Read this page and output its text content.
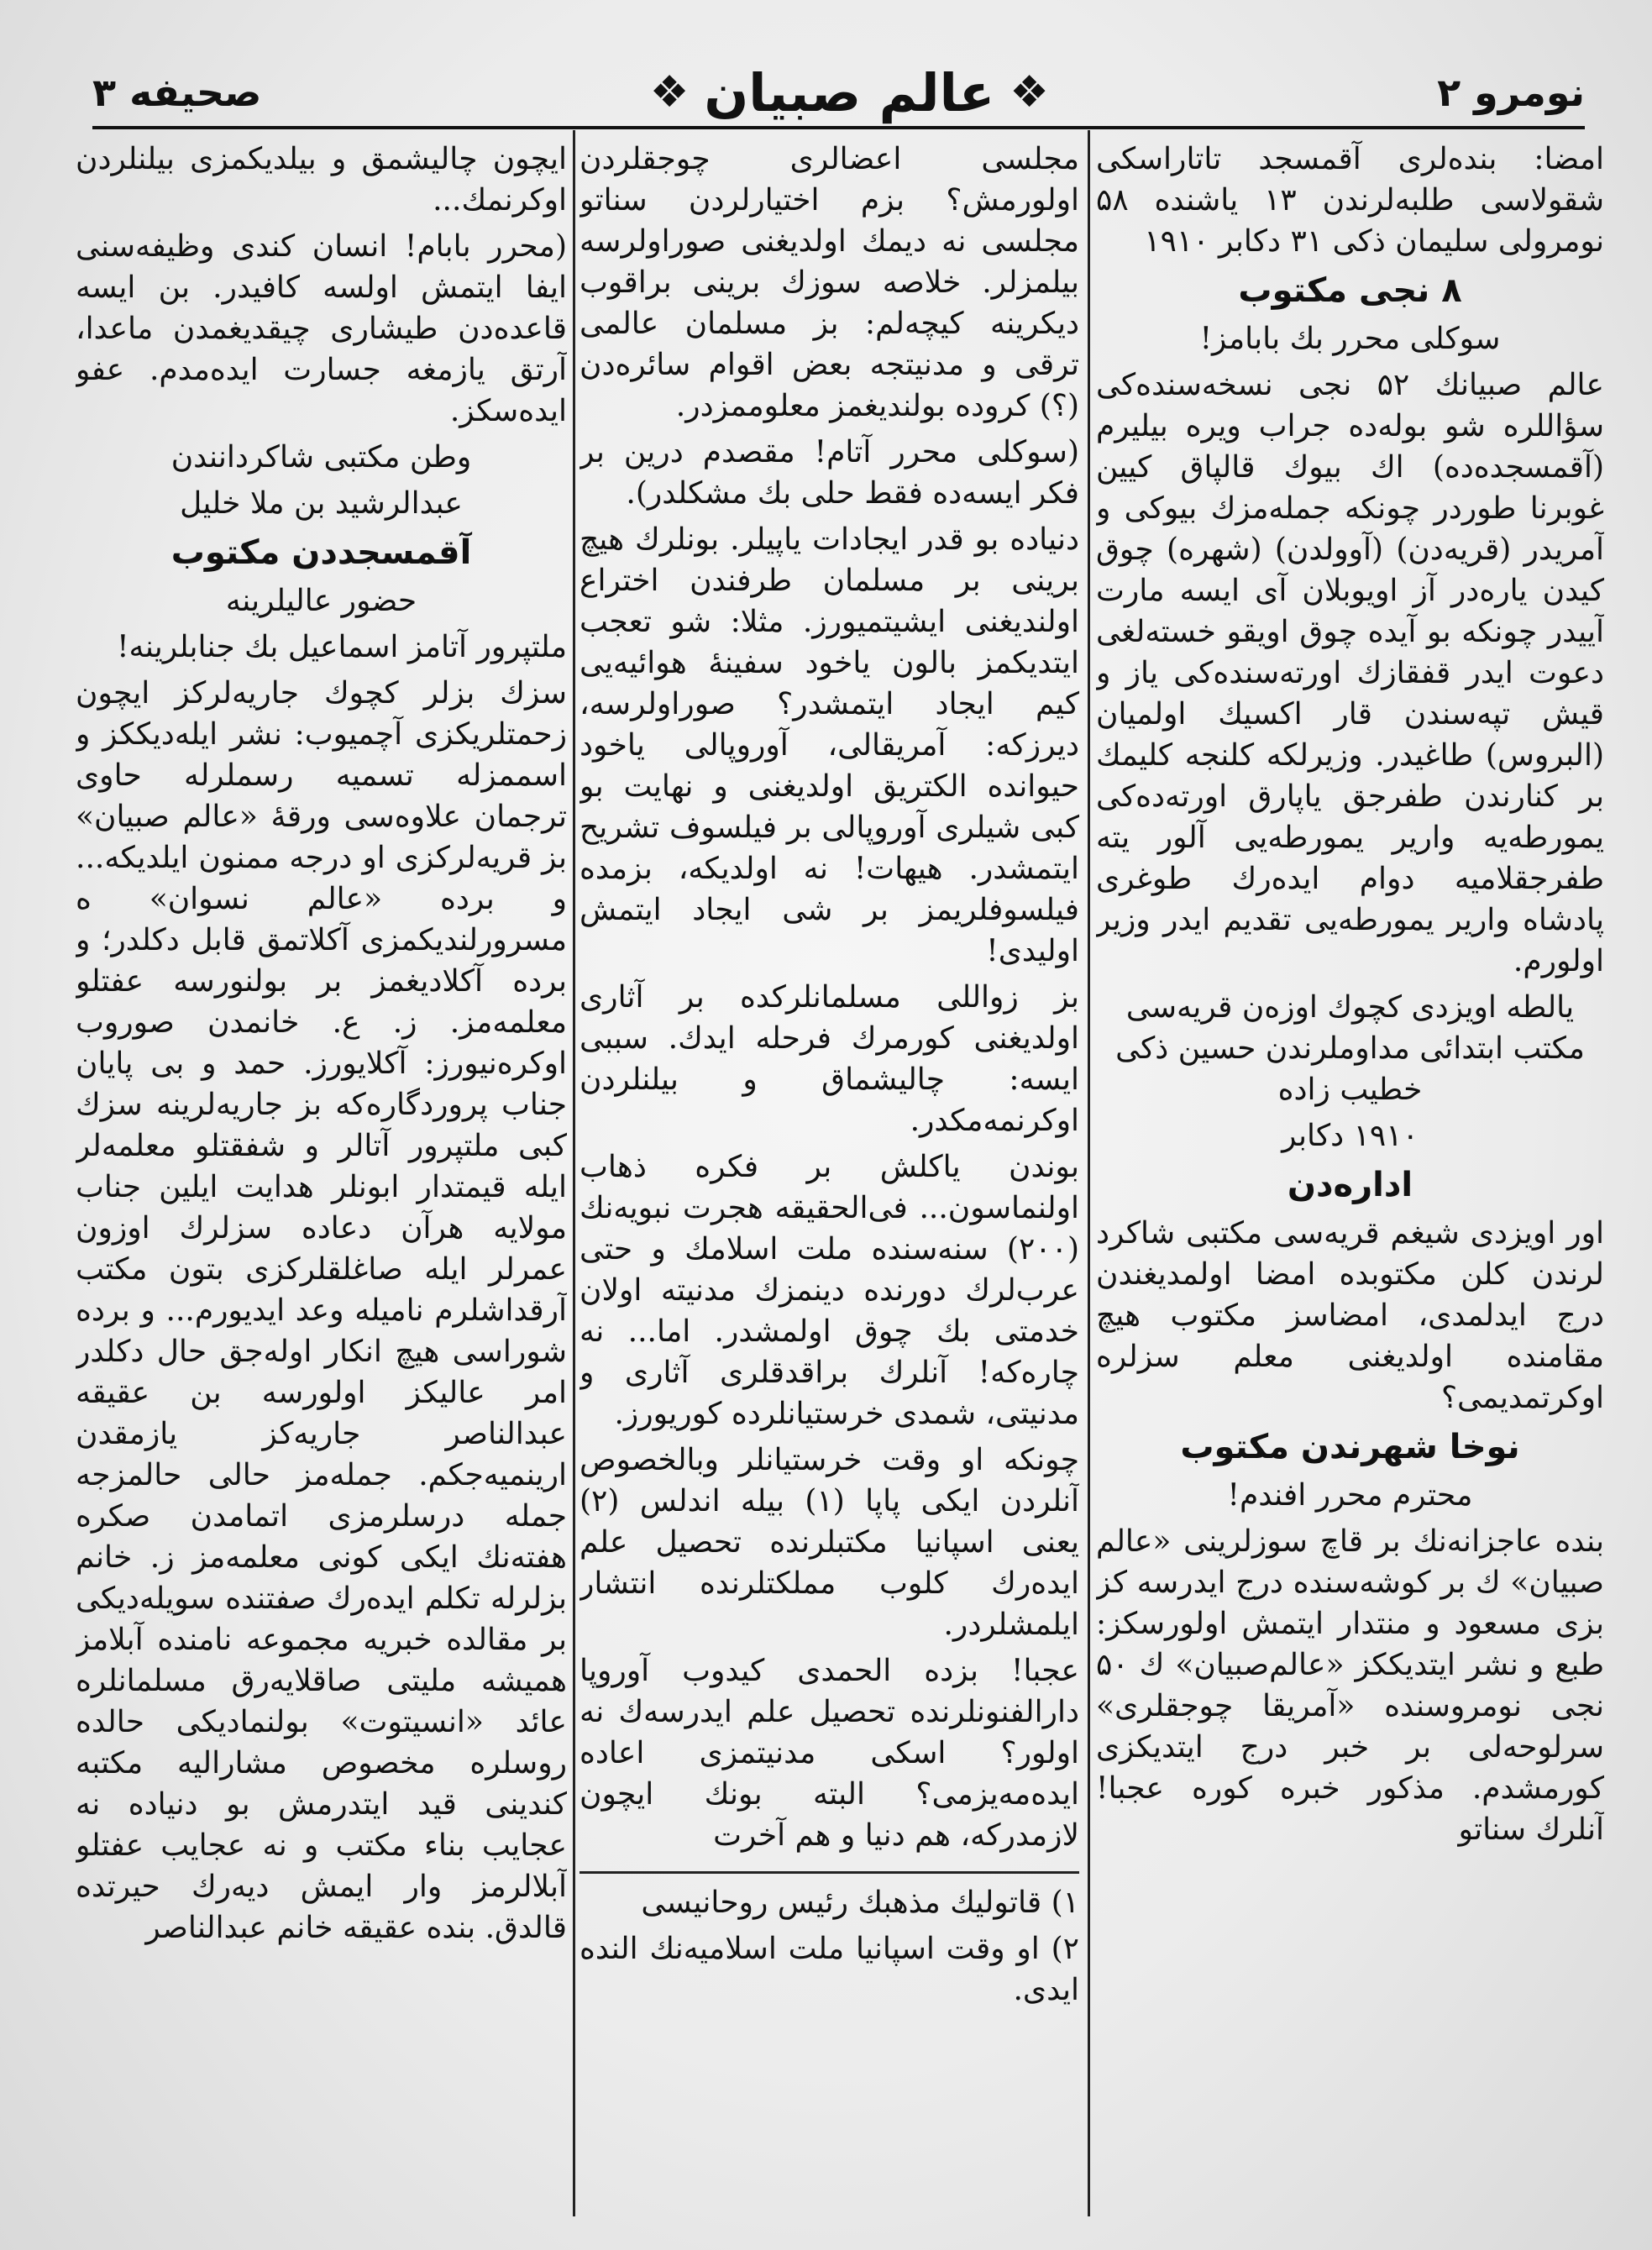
نومرو ۲
❖
عالم صبیان
❖
صحیفه ۳

امضا: بندەلری آقمسجد تاتاراسکی شقولاسی طلبەلرندن ۱۳ یاشندە ۵۸ نومرولی سلیمان ذکی ۳۱ دکابر ۱۹۱۰

۸ نجی مکتوب

سوکلی محرر بك بابامز!

عالم صبیانك ۵۲ نجی نسخەسندەکی سؤاللرە شو بولەدە جراب ویرە بیلیرم (آقمسجدەدە) اك بیوك قالپاق کیین غوبرنا طوردر چونکە جملەمزك بیوکی و آمریدر (قریەدن) (آوولدن) (شهرە) چوق کیدن یارەدر آز اویوبلان آی ایسە مارت آییدر چونکە بو آیدە چوق اویقو خستەلغی دعوت ایدر قفقازك اورتەسندەکی یاز و قیش تپەسندن قار اکسیك اولمیان (البروس) طاغیدر. وزیرلکە کلنجە کلیمك بر کنارندن طفرجق یاپارق اورتەدەکی یمورطەیە واریر یمورطەیی آلور یتە طفرجقلامیە دوام ایدەرك طوغری پادشاه واریر یمورطەیی تقدیم ایدر وزیر اولورم.

یالطە اویزدی کچوك اوزەن قریەسی مکتب ابتدائی مداوملرندن حسین ذکی خطیب زادە

۱۹۱۰ دکابر

ادارەدن

اور اویزدی شیغم قریەسی مکتبی شاکرد لرندن کلن مکتوبدە امضا اولمدیغندن درج ایدلمدی، امضاسز مکتوب هیچ مقامندە اولدیغنی معلم سزلرە اوکرتمدیمی؟

نوخا شهرندن مکتوب

محترم محرر افندم!

بندە عاجزانەنك بر قاچ سوزلرینی «عالم صبیان» ك بر کوشەسندە درج ایدرسە کز بزی مسعود و منتدار ایتمش اولورسکز: طبع و نشر ایتدیککز «عالم‌صبیان» ك ۵۰ نجی نومروسندە «آمریقا چوجقلری» سرلوحەلی بر خبر درج ایتدیکزی کورمشدم. مذکور خبرە کورە عجبا! آنلرك سناتو

مجلسی اعضالری چوجقلردن اولورمش؟ بزم اختیارلردن سناتو مجلسی نە دیمك اولدیغنی صوراولرسە بیلمزلر. خلاصە سوزك برینی براقوب دیکرینە کیچەلم: بز مسلمان عالمی ترقی و مدنیتجە بعض اقوام سائرەدن (؟) کروده بولندیغمز معلوممزدر.

(سوکلی محرر آتام! مقصدم درین بر فکر ایسەدە فقط حلی بك مشکلدر).

دنیادە بو قدر ایجادات یاپیلر. بونلرك هیچ برینی بر مسلمان طرفندن اختراع اولندیغنی ایشیتمیورز. مثلا: شو تعجب ایتدیکمز بالون یاخود سفینۀ هوائیەیی کیم ایجاد ایتمشدر؟ صوراولرسە، دیرزکە: آمریقالی، آوروپالی یاخود حیواندە الکتریق اولدیغنی و نهایت بو کبی شیلری آوروپالی بر فیلسوف تشریح ایتمشدر. هیهات! نە اولدیکە، بزمدە فیلسوفلریمز بر شی ایجاد ایتمش اولیدی!

بز زواللی مسلمانلرکدە بر آثاری اولدیغنی کورمرك فرحلە ایدك. سببی ایسە: چالیشماق و بیلنلردن اوکرنمەمکدر.

بوندن یاکلش بر فکرە ذهاب اولنماسون... فی‌الحقیقە هجرت نبویەنك (۲۰۰) سنەسندە ملت اسلامك و حتی عرب‌لرك دورندە دینمزك مدنیتە اولان خدمتی بك چوق اولمشدر. اما... نە چارەکە! آنلرك براقدقلری آثاری و مدنیتی، شمدی خرستیانلردە کوریورز.

چونکە او وقت خرستیانلر وبالخصوص آنلردن ایکی پاپا (۱) بیلە اندلس (۲) یعنی اسپانیا مکتبلرندە تحصیل علم ایدەرك کلوب مملکتلرندە انتشار ایلمشلردر.

عجبا! بزدە الحمدی کیدوب آوروپا دارالفنونلرندە تحصیل علم ایدرسەك نە اولور؟ اسکی مدنیتمزی اعادە ایدەمەیزمی؟ البتە بونك ایچون لازمدرکە، هم دنیا و هم آخرت

۱) قاتولیك مذهبك رئیس روحانیسی

۲) او وقت اسپانیا ملت اسلامیەنك النده ایدی.

ایچون چالیشمق و بیلدیکمزی بیلنلردن اوکرنمك...

(محرر بابام! انسان کندی وظیفەسنی ایفا ایتمش اولسە کافیدر. بن ایسە قاعدەدن طیشاری چیقدیغمدن ماعدا، آرتق یازمغە جسارت ایدەمدم. عفو ایدەسکز.

وطن مکتبی شاکردانندن

عبدالرشید بن ملا خلیل

آقمسجددن مکتوب

حضور عالیلرینە

ملتپرور آتامز اسماعیل بك جنابلرینە!

سزك بزلر کچوك جاریەلرکز ایچون زحمتلریکزی آچمیوب: نشر ایلەدیککز و اسممزلە تسمیە رسملرلە حاوی ترجمان علاوەسی ورقۀ «عالم صبیان» بز قریەلرکزی او درجە ممنون ایلدیکە... و بردە «عالم نسوان» ە مسرورلندیکمزی آکلاتمق قابل دکلدر؛ و بردە آکلادیغمز بر بولنورسە عفتلو معلمەمز. ز. ع. خانمدن صوروب اوکرەنیورز: آکلایورز. حمد و بی پایان جناب پروردگارەکە بز جاریەلرینە سزك کبی ملتپرور آتالر و شفقتلو معلمەلر ایلە قیمتدار ابونلر هدایت ایلین جناب مولایە هرآن دعادە سزلرك اوزون عمرلر ایلە صاغلقلرکزی بتون مکتب آرقداشلرم نامیلە وعد ایدیورم... و بردە شوراسی هیچ انکار اولەجق حال دکلدر امر عالیکز اولورسە بن عقیقە عبدالناصر جاریەکز یازمقدن ارینمیەجکم. جملەمز حالی حالمزجە جملە درسلرمزی اتمامدن صکرە هفتەنك ایکی کونی معلمەمز ز. خانم بزلرلە تکلم ایدەرك صفتندە سویلەدیکی بر مقالدە خبریە مجموعە نامندە آبلامز همیشە ملیتی صاقلایەرق مسلمانلرە عائد «انسیتوت» بولنمادیکی حالدە روسلرە مخصوص مشارالیە مکتبە کندینی قید ایتدرمش بو دنیادە نە عجایب بناء مکتب و نە عجایب عفتلو آبلالرمز وار ایمش دیەرك حیرتدە قالدق. بندە عقیقە خانم عبدالناصر
